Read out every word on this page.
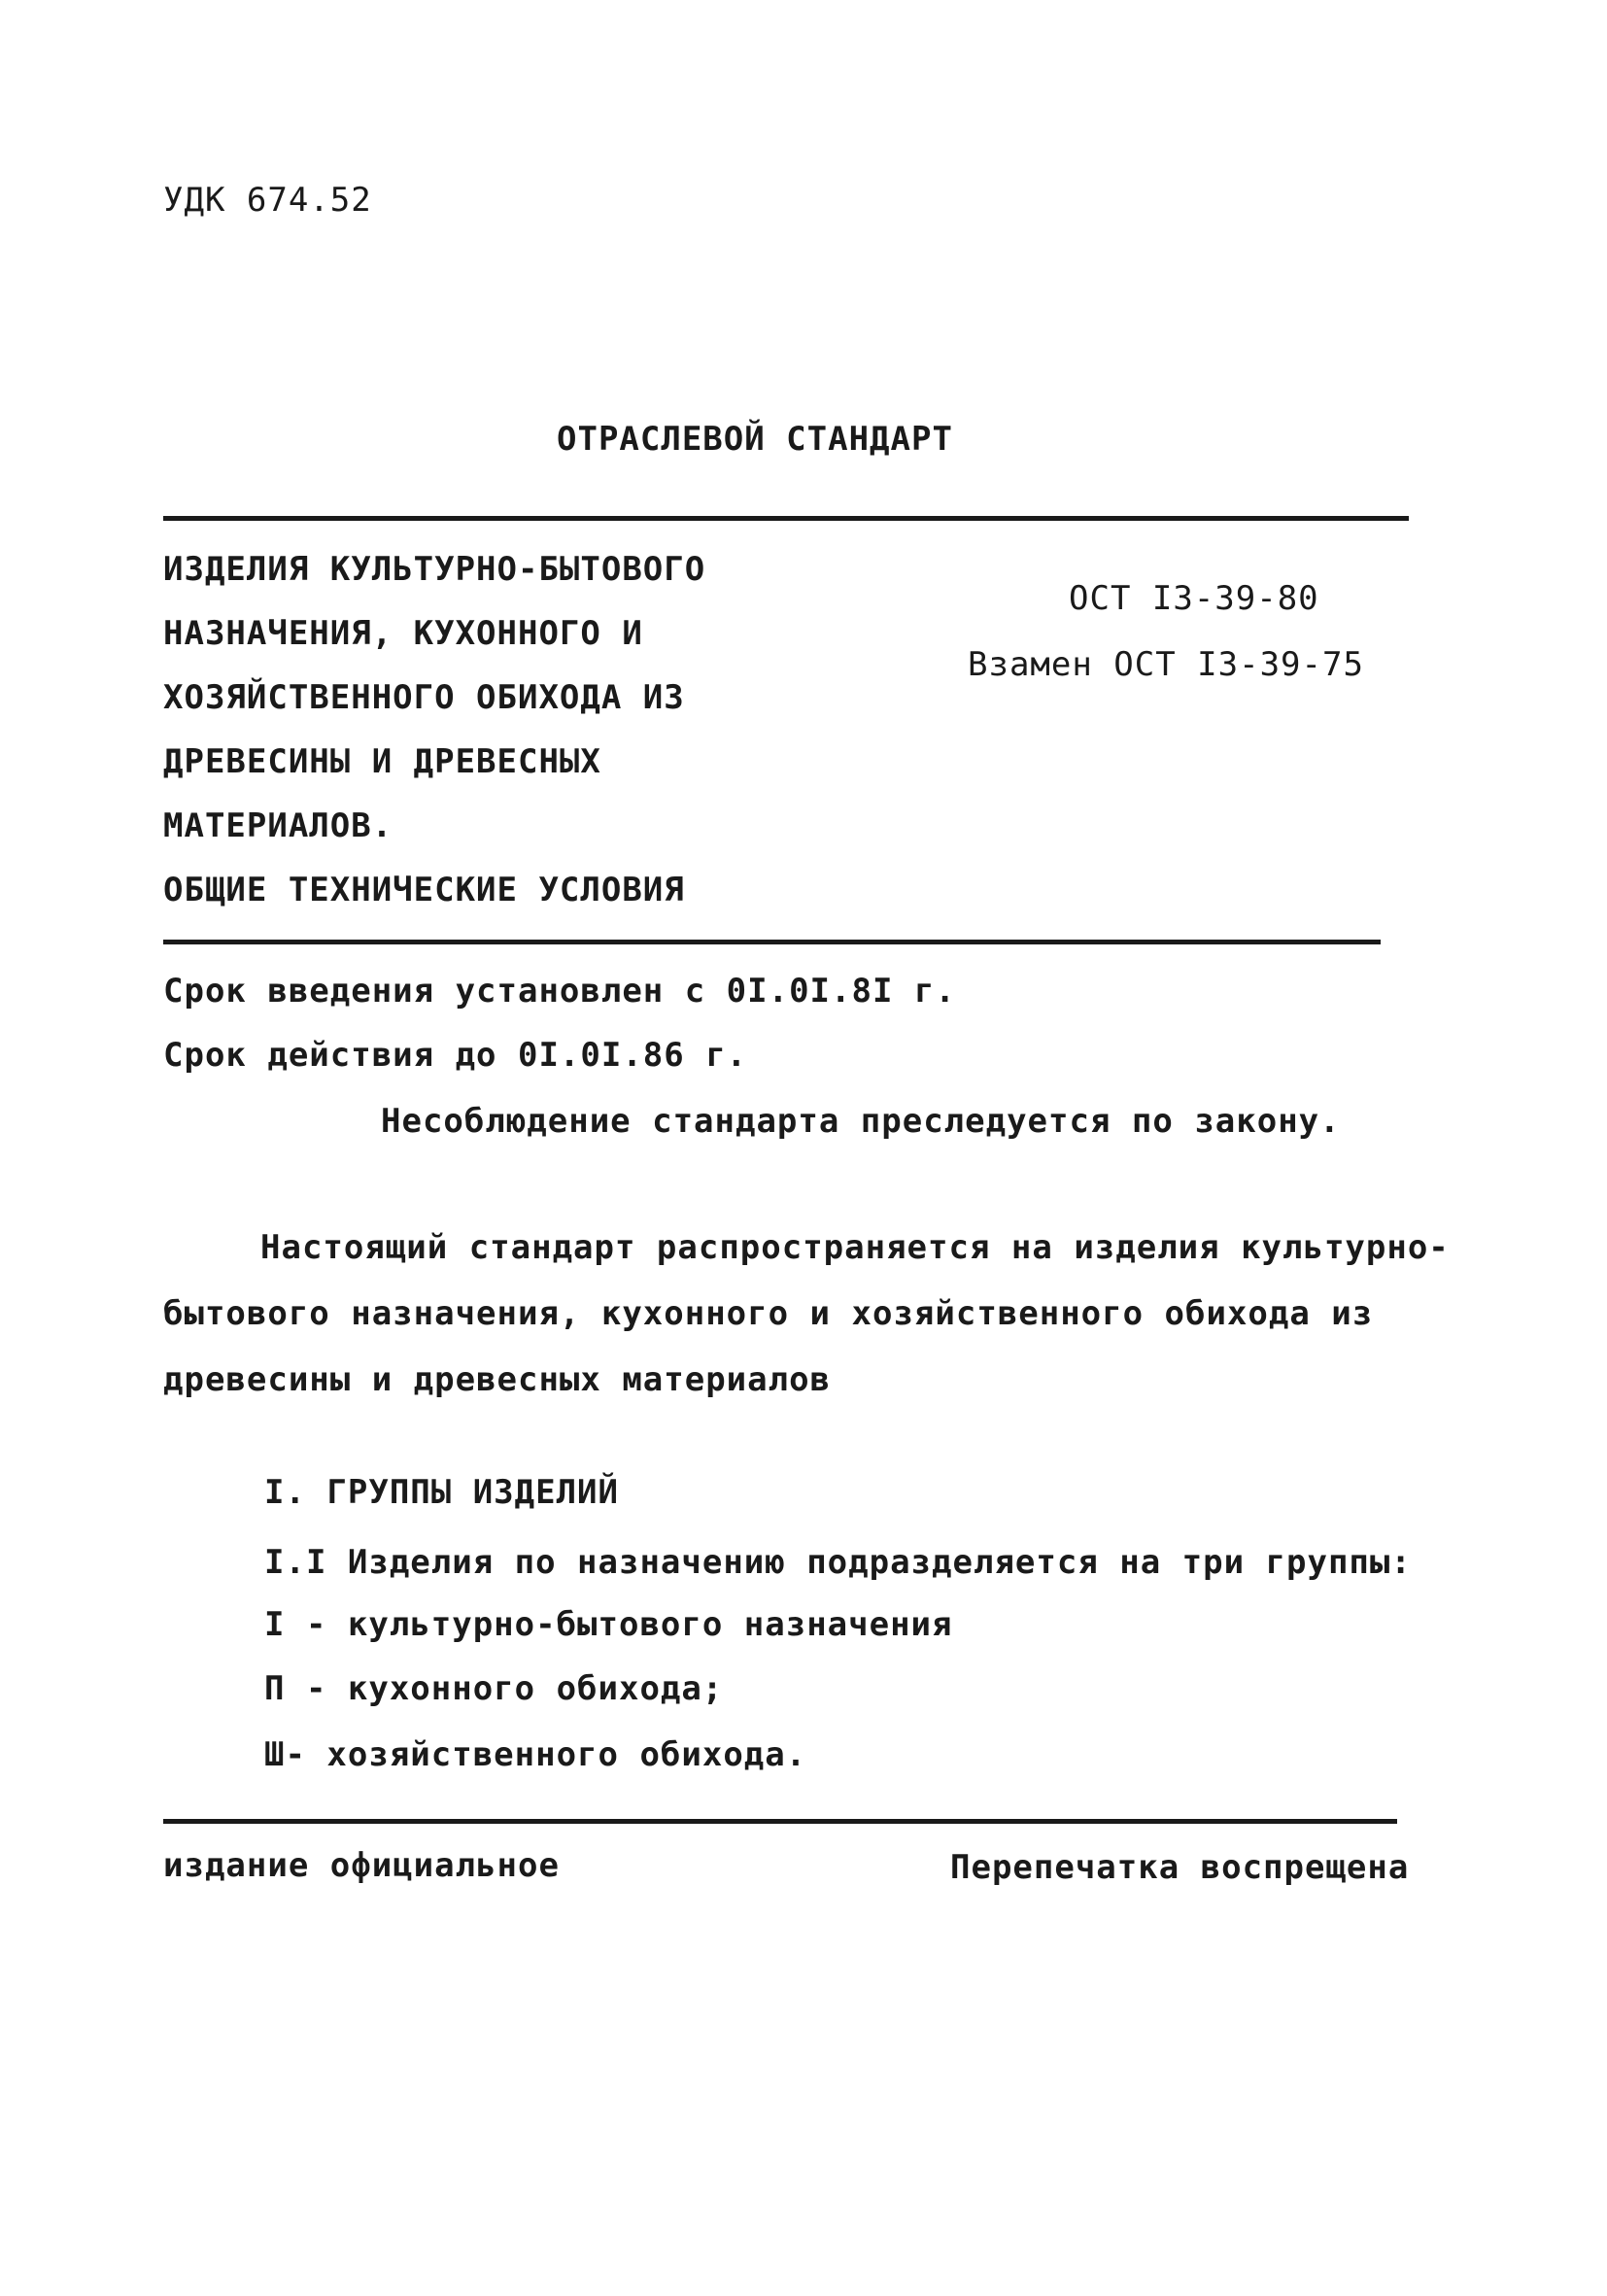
УДК 674.52
ОТРАСЛЕВОЙ СТАНДАРТ
ИЗДЕЛИЯ КУЛЬТУРНО-БЫТОВОГО
НАЗНАЧЕНИЯ, КУХОННОГО И
ХОЗЯЙСТВЕННОГО ОБИХОДА ИЗ
ДРЕВЕСИНЫ И ДРЕВЕСНЫХ
МАТЕРИАЛОВ.
ОБЩИЕ ТЕХНИЧЕСКИЕ УСЛОВИЯ
ОСТ I3-39-80
Взамен ОСТ I3-39-75
Срок введения установлен с 0I.0I.8I г.
Срок действия до 0I.0I.86 г.
Несоблюдение стандарта преследуется по закону.
Настоящий стандарт распространяется на изделия культурно-
бытового назначения, кухонного и хозяйственного обихода из
древесины и древесных материалов
I. ГРУППЫ ИЗДЕЛИЙ
I.I Изделия по назначению подразделяется на три группы:
I - культурно-бытового назначения
П - кухонного обихода;
Ш- хозяйственного обихода.
издание официальное	Перепечатка воспрещена
